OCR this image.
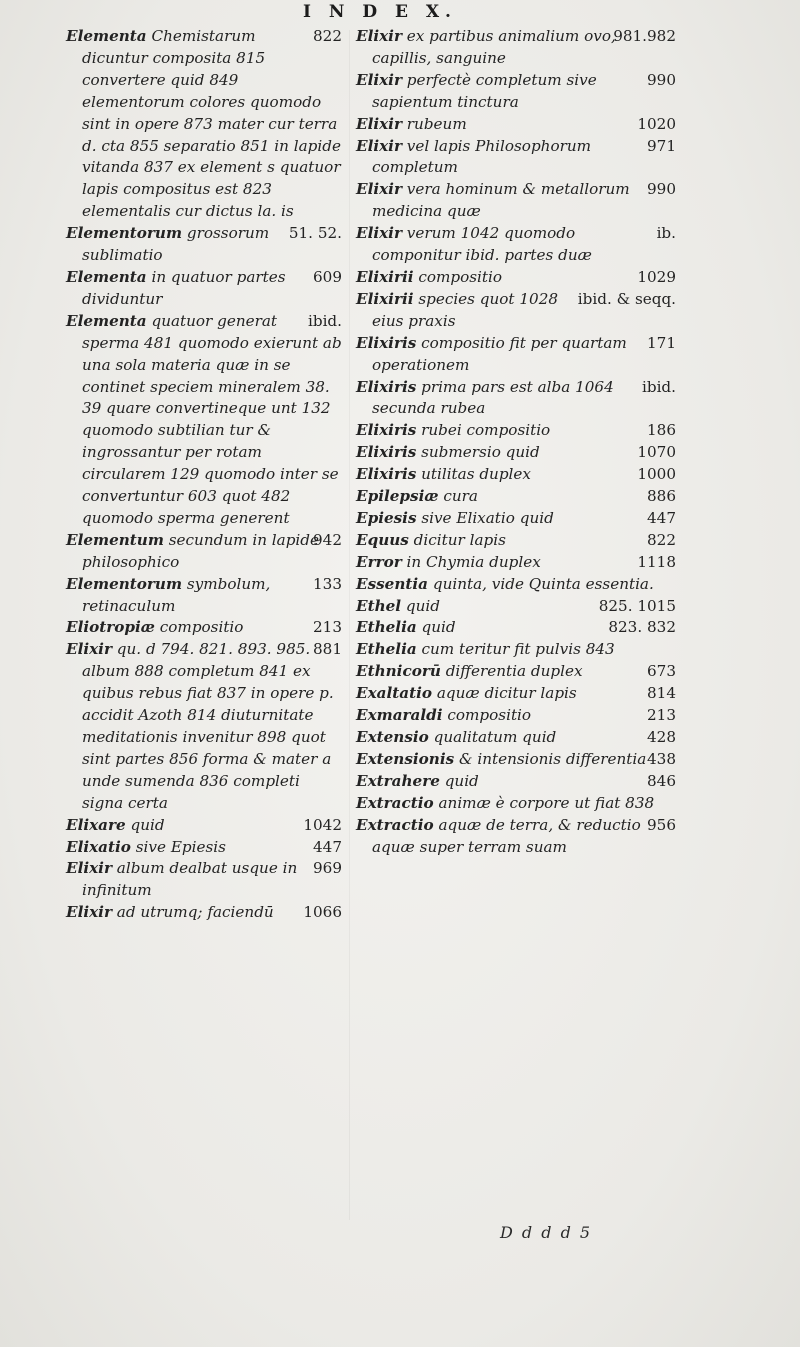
I N D E X.

822
Elementa Chemistarum dicuntur composita 815 convertere quid 849 elementorum colores quomodo sint in opere 873 mater cur terra d. cta 855 separatio 851 in lapide vitanda 837 ex element s quatuor lapis compositus est 823 elementalis cur dictus la. is

51. 52.
Elementorum grossorum sublimatio

609
Elementa in quatuor partes dividuntur

ibid.
Elementa quatuor generat sperma 481 quomodo exierunt ab una sola materia quæ in se continet speciem mineralem 38. 39 quare convertineque unt 132 quomodo subtilian tur & ingrossantur per rotam circularem 129 quomodo inter se convertuntur 603 quot 482 quomodo sperma generent

942
Elementum secundum in lapide philosophico

133
Elementorum symbolum, retinaculum

213
Eliotropiæ compositio

881
Elixir qu. d 794. 821. 893. 985. album 888 completum 841 ex quibus rebus fiat 837 in opere p. accidit Azoth 814 diuturnitate meditationis invenitur 898 quot sint partes 856 forma & mater a unde sumenda 836 completi signa certa

1042
Elixare quid

447
Elixatio sive Epiesis

969
Elixir album dealbat usque in infinitum

1066
Elixir ad utrumq; faciendū

981.982
Elixir ex partibus animalium ovo, capillis, sanguine

990
Elixir perfectè completum sive sapientum tinctura

1020
Elixir rubeum

971
Elixir vel lapis Philosophorum completum

990
Elixir vera hominum & metallorum medicina quæ

ib.
Elixir verum 1042 quomodo componitur ibid. partes duæ

1029
Elixirii compositio

ibid. & seqq.
Elixirii species quot 1028 eius praxis

171
Elixiris compositio fit per quartam operationem

ibid.
Elixiris prima pars est alba 1064 secunda rubea

186
Elixiris rubei compositio

1070
Elixiris submersio quid

1000
Elixiris utilitas duplex

886
Epilepsiæ cura

447
Epiesis sive Elixatio quid

822
Equus dicitur lapis

1118
Error in Chymia duplex

Essentia quinta, vide Quinta essentia.

825. 1015
Ethel quid

823. 832
Ethelia quid

Ethelia cum teritur fit pulvis 843

673
Ethnicorū differentia duplex

814
Exaltatio aquæ dicitur lapis

213
Exmaraldi compositio

428
Extensio qualitatum quid

438
Extensionis & intensionis differentia

846
Extrahere quid

Extractio animæ è corpore ut fiat 838

956
Extractio aquæ de terra, & reductio aquæ super terram suam

D d d d 5
